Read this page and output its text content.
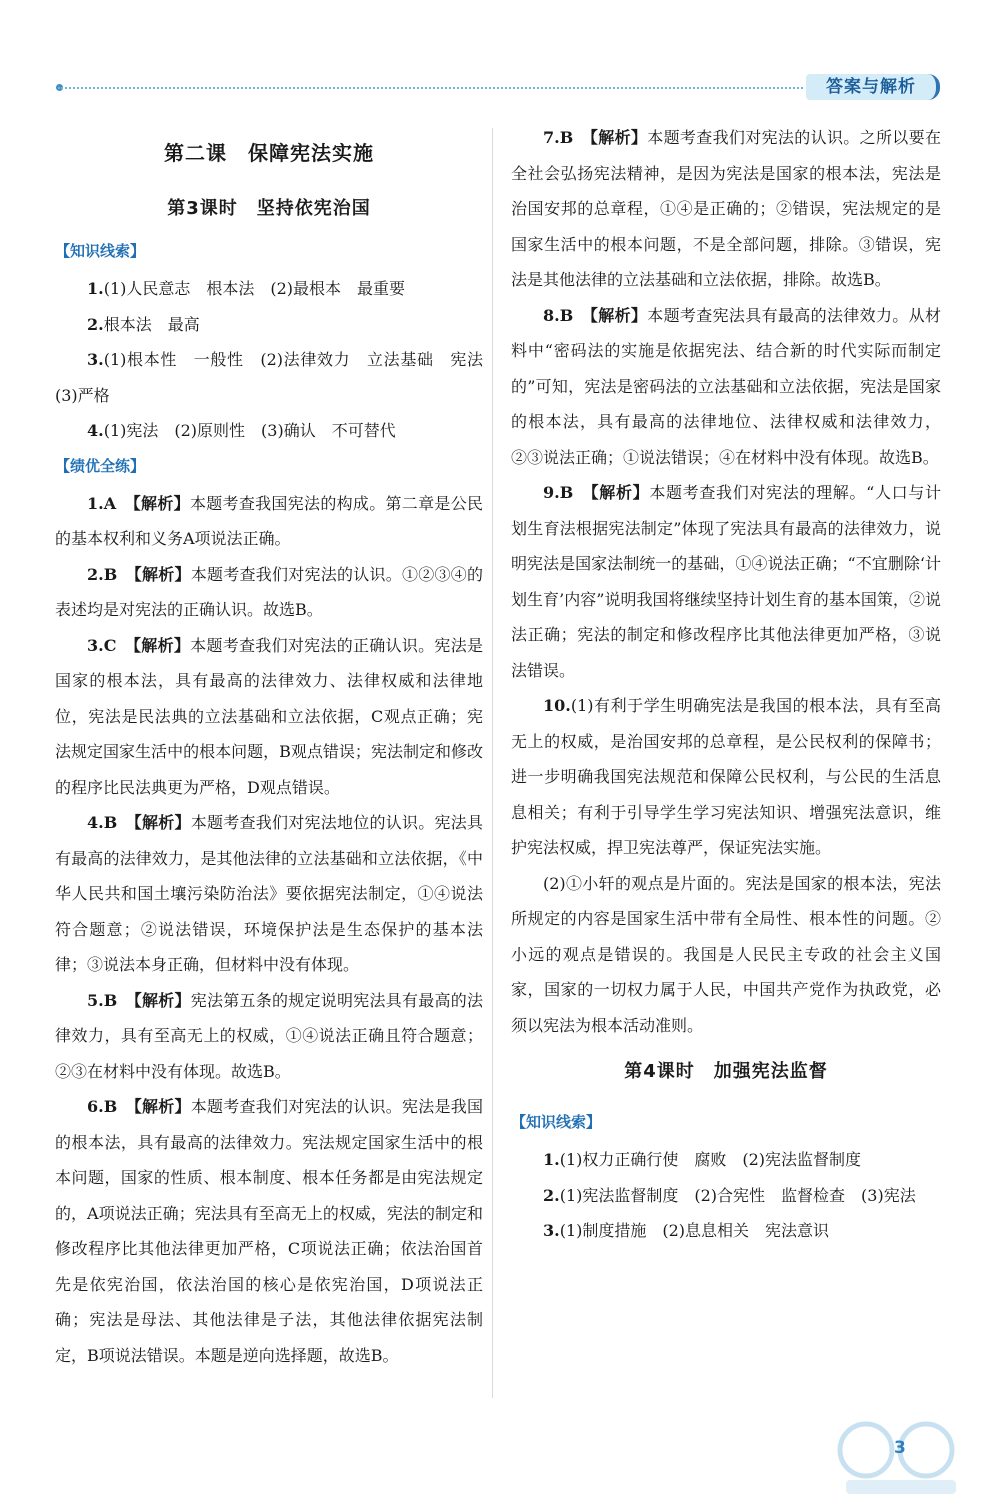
答案与解析
第二课　保障宪法实施
第3课时　坚持依宪治国
【知识线索】

1.(1)人民意志　根本法　(2)最根本　最重要

2.根本法　最高

3.(1)根本性　一般性　(2)法律效力　立法基础　宪法　(3)严格

4.(1)宪法　(2)原则性　(3)确认　不可替代

【绩优全练】

1.A　 【解析】本题考查我国宪法的构成。第二章是公民的基本权利和义务A项说法正确。

2.B　 【解析】本题考查我们对宪法的认识。①②③④的表述均是对宪法的正确认识。故选B。

3.C　 【解析】本题考查我们对宪法的正确认识。宪法是国家的根本法，具有最高的法律效力、法律权威和法律地位，宪法是民法典的立法基础和立法依据，C观点正确；宪法规定国家生活中的根本问题，B观点错误；宪法制定和修改的程序比民法典更为严格，D观点错误。

4.B　 【解析】本题考查我们对宪法地位的认识。宪法具有最高的法律效力，是其他法律的立法基础和立法依据，《中华人民共和国土壤污染防治法》要依据宪法制定，①④说法符合题意；②说法错误，环境保护法是生态保护的基本法律；③说法本身正确，但材料中没有体现。

5.B　 【解析】宪法第五条的规定说明宪法具有最高的法律效力，具有至高无上的权威，①④说法正确且符合题意；②③在材料中没有体现。故选B。

6.B　 【解析】本题考查我们对宪法的认识。宪法是我国的根本法，具有最高的法律效力。宪法规定国家生活中的根本问题，国家的性质、根本制度、根本任务都是由宪法规定的，A项说法正确；宪法具有至高无上的权威，宪法的制定和修改程序比其他法律更加严格，C项说法正确；依法治国首先是依宪治国，依法治国的核心是依宪治国，D项说法正确；宪法是母法、其他法律是子法，其他法律依据宪法制定，B项说法错误。本题是逆向选择题，故选B。

7.B　 【解析】本题考查我们对宪法的认识。之所以要在全社会弘扬宪法精神，是因为宪法是国家的根本法，宪法是治国安邦的总章程，①④是正确的；②错误，宪法规定的是国家生活中的根本问题，不是全部问题，排除。③错误，宪法是其他法律的立法基础和立法依据，排除。故选B。

8.B　 【解析】本题考查宪法具有最高的法律效力。从材料中“密码法的实施是依据宪法、结合新的时代实际而制定的”可知，宪法是密码法的立法基础和立法依据，宪法是国家的根本法，具有最高的法律地位、法律权威和法律效力，②③说法正确；①说法错误；④在材料中没有体现。故选B。

9.B　 【解析】本题考查我们对宪法的理解。“人口与计划生育法根据宪法制定”体现了宪法具有最高的法律效力，说明宪法是国家法制统一的基础，①④说法正确；“不宜删除‘计划生育’内容”说明我国将继续坚持计划生育的基本国策，②说法正确；宪法的制定和修改程序比其他法律更加严格，③说法错误。

10.(1)有利于学生明确宪法是我国的根本法，具有至高无上的权威，是治国安邦的总章程，是公民权利的保障书；进一步明确我国宪法规范和保障公民权利，与公民的生活息息相关；有利于引导学生学习宪法知识、增强宪法意识，维护宪法权威，捍卫宪法尊严，保证宪法实施。

(2)①小轩的观点是片面的。宪法是国家的根本法，宪法所规定的内容是国家生活中带有全局性、根本性的问题。②小远的观点是错误的。我国是人民民主专政的社会主义国家，国家的一切权力属于人民，中国共产党作为执政党，必须以宪法为根本活动准则。

第4课时　加强宪法监督
【知识线索】

1.(1)权力正确行使　腐败　(2)宪法监督制度

2.(1)宪法监督制度　(2)合宪性　监督检查　(3)宪法

3.(1)制度措施　(2)息息相关　宪法意识

3
